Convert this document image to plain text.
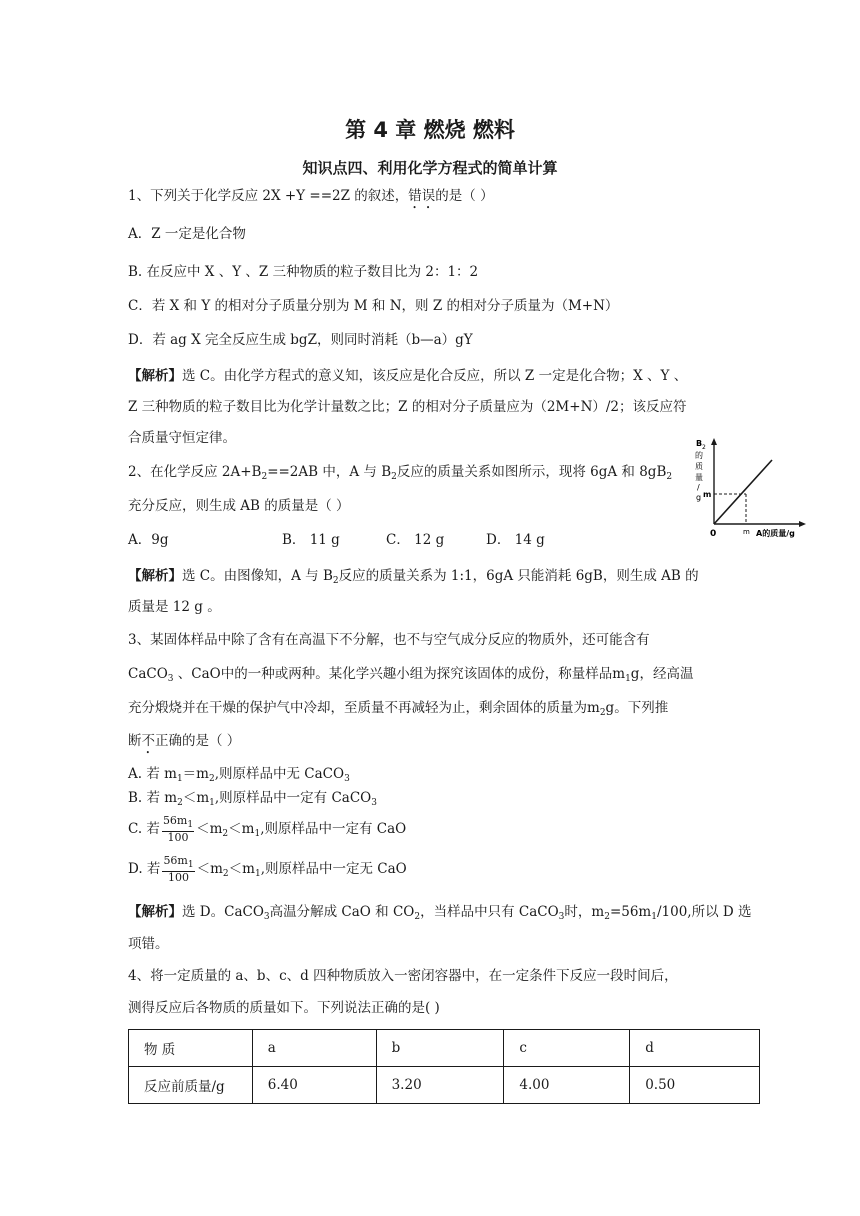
第 4 章 燃烧 燃料
知识点四、利用化学方程式的简单计算
1、下列关于化学反应 2X +Y ==2Z 的叙述，错误的是（ ）
A．Z 一定是化合物
B. 在反应中 X 、Y 、Z 三种物质的粒子数目比为 2：1：2
C．若 X 和 Y 的相对分子质量分别为 M 和 N，则 Z 的相对分子质量为（M+N）
D．若 ag X 完全反应生成 bgZ，则同时消耗（b—a）gY
【解析】选 C。由化学方程式的意义知，该反应是化合反应，所以 Z 一定是化合物；X 、Y 、
Z 三种物质的粒子数目比为化学计量数之比；Z 的相对分子质量应为（2M+N）/2；该反应符
合质量守恒定律。
2、在化学反应 $2A+B_2==2AB$ 中，A 与 $B_2$反应的质量关系如图所示，现将 6gA 和 $8gB_2$
充分反应，则生成 AB 的质量是（ ）
A．9g	B． 11 g	C． 12 g	D． 14 g
【解析】选 C。由图像知，A 与 $B_2$反应的质量关系为 1:1，6gA 只能消耗 6gB，则生成 AB 的
质量是 12 g 。
B 2
的
质
量
/
g m
m
0	A的质量/g
3、某固体样品中除了含有在高温下不分解，也不与空气成分反应的物质外，还可能含有
CaCO$_3$ 、CaO中的一种或两种。某化学兴趣小组为探究该固体的成份，称量样品$m_1g$，经高温
充分煅烧并在干燥的保护气中冷却，至质量不再减轻为止，剩余固体的质量为$m_2g$。下列推
断不正确的是（ ）
A. 若 $m_1=m_2$,则原样品中无 CaCO$_3$
B. 若 $m_2<m_1$,则原样品中一定有 CaCO$_3$
C. 若 $\frac{56m_1}{100} <m_2<m_1$,则原样品中一定有 CaO
D. 若 $\frac{56m_1}{100} <m_2<m_1$,则原样品中一定无 CaO
【解析】选 D。CaCO$_3$高温分解成 CaO 和 $CO_2$，当样品中只有 CaCO$_3$时，$m_2=56m_1/100$,所以 D 选
项错。
4、将一定质量的 a、b、c、d 四种物质放入一密闭容器中，在一定条件下反应一段时间后，
测得反应后各物质的质量如下。下列说法正确的是( )
物 质	a	b	c	d
反应前质量/g	6.40	3.20	4.00	0.50
